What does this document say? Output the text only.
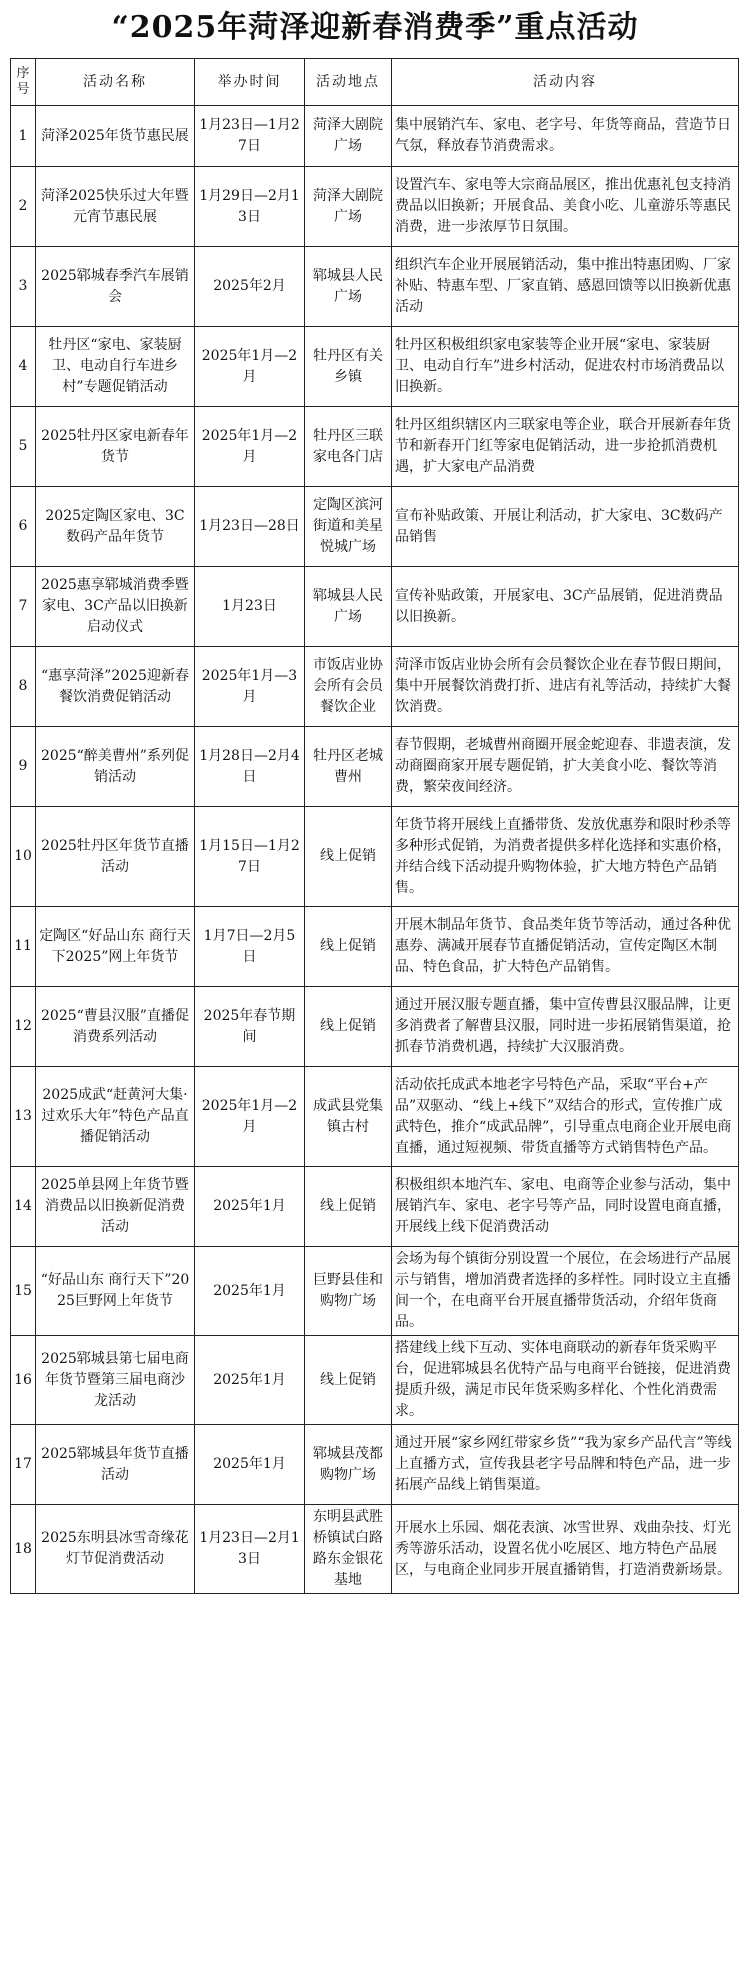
“2025年菏泽迎新春消费季”重点活动
序号	活动名称	举办时间	活动地点	活动内容
1	菏泽2025年货节惠民展	1月23日—1月27日	菏泽大剧院广场	集中展销汽车、家电、老字号、年货等商品，营造节日气氛，释放春节消费需求。
2	菏泽2025快乐过大年暨元宵节惠民展	1月29日—2月13日	菏泽大剧院广场	设置汽车、家电等大宗商品展区，推出优惠礼包支持消费品以旧换新；开展食品、美食小吃、儿童游乐等惠民消费，进一步浓厚节日氛围。
3	2025郓城春季汽车展销会	2025年2月	郓城县人民广场	组织汽车企业开展展销活动，集中推出特惠团购、厂家补贴、特惠车型、厂家直销、感恩回馈等以旧换新优惠活动
4	牡丹区“家电、家装厨卫、电动自行车进乡村”专题促销活动	2025年1月—2月	牡丹区有关乡镇	牡丹区积极组织家电家装等企业开展“家电、家装厨卫、电动自行车”进乡村活动，促进农村市场消费品以旧换新。
5	2025牡丹区家电新春年货节	2025年1月—2月	牡丹区三联家电各门店	牡丹区组织辖区内三联家电等企业，联合开展新春年货节和新春开门红等家电促销活动，进一步抢抓消费机遇，扩大家电产品消费
6	2025定陶区家电、3C数码产品年货节	1月23日—28日	定陶区滨河街道和美星悦城广场	宣布补贴政策、开展让利活动，扩大家电、3C数码产品销售
7	2025惠享郓城消费季暨家电、3C产品以旧换新启动仪式	1月23日	郓城县人民广场	宣传补贴政策，开展家电、3C产品展销，促进消费品以旧换新。
8	“惠享菏泽”2025迎新春餐饮消费促销活动	2025年1月—3月	市饭店业协会所有会员餐饮企业	菏泽市饭店业协会所有会员餐饮企业在春节假日期间，集中开展餐饮消费打折、进店有礼等活动，持续扩大餐饮消费。
9	2025“醉美曹州”系列促销活动	1月28日—2月4日	牡丹区老城曹州	春节假期，老城曹州商圈开展金蛇迎春、非遗表演，发动商圈商家开展专题促销，扩大美食小吃、餐饮等消费，繁荣夜间经济。
10	2025牡丹区年货节直播活动	1月15日—1月27日	线上促销	年货节将开展线上直播带货、发放优惠券和限时秒杀等多种形式促销，为消费者提供多样化选择和实惠价格，并结合线下活动提升购物体验，扩大地方特色产品销售。
11	定陶区“好品山东 商行天下2025”网上年货节	1月7日—2月5日	线上促销	开展木制品年货节、食品类年货节等活动，通过各种优惠券、满减开展春节直播促销活动，宣传定陶区木制品、特色食品，扩大特色产品销售。
12	2025“曹县汉服”直播促消费系列活动	2025年春节期间	线上促销	通过开展汉服专题直播，集中宣传曹县汉服品牌，让更多消费者了解曹县汉服，同时进一步拓展销售渠道，抢抓春节消费机遇，持续扩大汉服消费。
13	2025成武“赶黄河大集·过欢乐大年”特色产品直播促销活动	2025年1月—2月	成武县党集镇古村	活动依托成武本地老字号特色产品，采取“平台+产品”双驱动、“线上+线下”双结合的形式，宣传推广成武特色，推介“成武品牌”，引导重点电商企业开展电商直播，通过短视频、带货直播等方式销售特色产品。
14	2025单县网上年货节暨消费品以旧换新促消费活动	2025年1月	线上促销	积极组织本地汽车、家电、电商等企业参与活动，集中展销汽车、家电、老字号等产品，同时设置电商直播，开展线上线下促消费活动
15	“好品山东 商行天下”2025巨野网上年货节	2025年1月	巨野县佳和购物广场	会场为每个镇街分别设置一个展位，在会场进行产品展示与销售，增加消费者选择的多样性。同时设立主直播间一个，在电商平台开展直播带货活动，介绍年货商品。
16	2025郓城县第七届电商年货节暨第三届电商沙龙活动	2025年1月	线上促销	搭建线上线下互动、实体电商联动的新春年货采购平台，促进郓城县名优特产品与电商平台链接，促进消费提质升级，满足市民年货采购多样化、个性化消费需求。
17	2025郓城县年货节直播活动	2025年1月	郓城县茂都购物广场	通过开展“家乡网红带家乡货”“我为家乡产品代言”等线上直播方式，宣传我县老字号品牌和特色产品，进一步拓展产品线上销售渠道。
18	2025东明县冰雪奇缘花灯节促消费活动	1月23日—2月13日	东明县武胜桥镇试白路路东金银花基地	开展水上乐园、烟花表演、冰雪世界、戏曲杂技、灯光秀等游乐活动，设置名优小吃展区、地方特色产品展区，与电商企业同步开展直播销售，打造消费新场景。
